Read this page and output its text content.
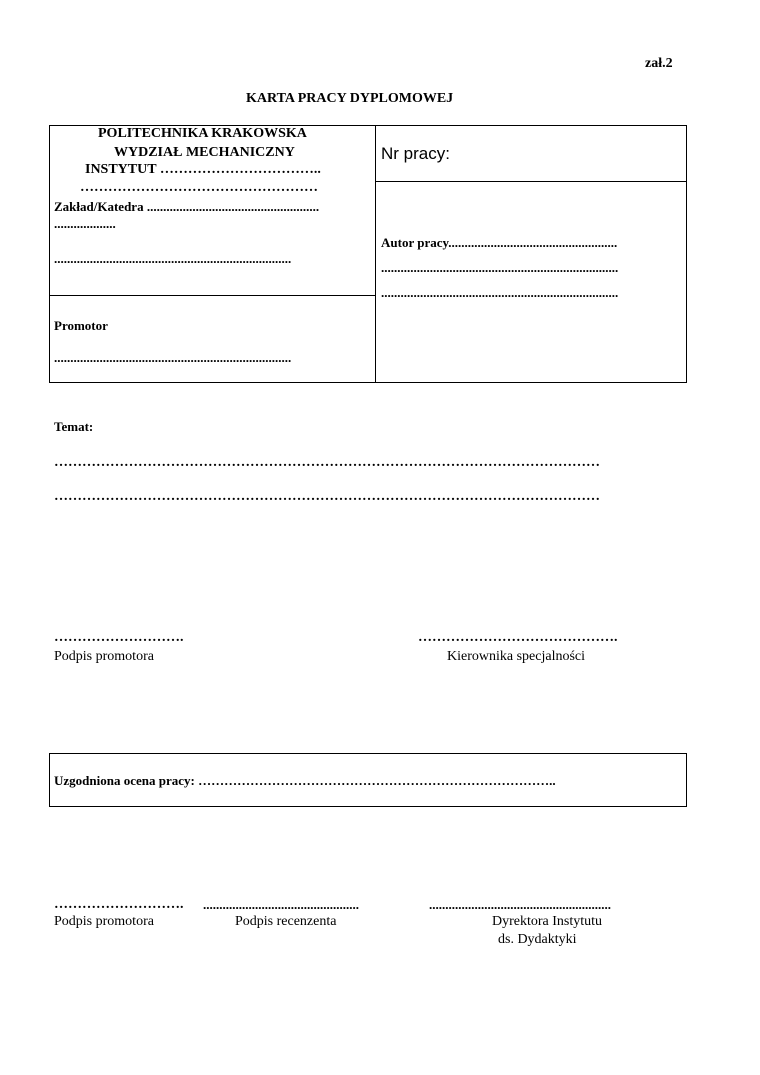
zał.2
KARTA PRACY DYPLOMOWEJ
POLITECHNIKA KRAKOWSKA
WYDZIAŁ MECHANICZNY
INSTYTUT ……………………………..
……………………………………………
Zakład/Katedra .....................................................
...................
.........................................................................
Promotor
.........................................................................
Nr pracy:
Autor pracy....................................................
.........................................................................
.........................................................................
Temat:
………………………………………………………………………………………………………
………………………………………………………………………………………………………
……………………….
Podpis promotora
…………………………………….
Kierownika specjalności
Uzgodniona ocena pracy: ………………………………………………………………………..
……………………….
Podpis promotora
................................................
Podpis recenzenta
........................................................
Dyrektora Instytutu
ds. Dydaktyki
